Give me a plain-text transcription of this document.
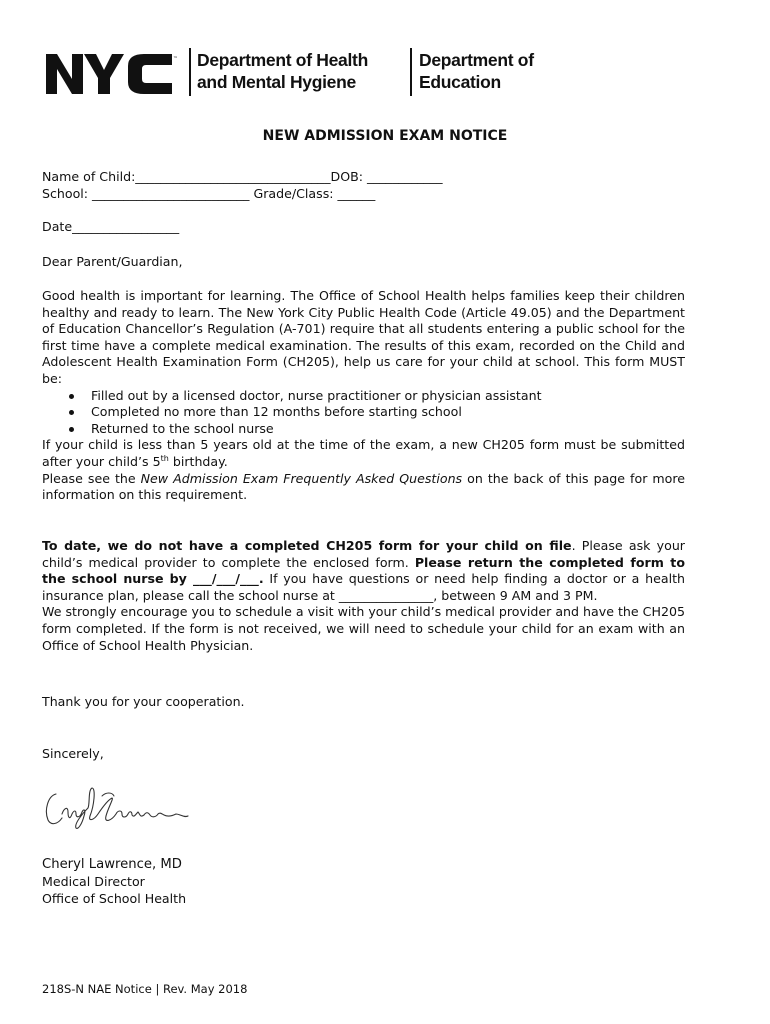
™ Department of Health
and Mental Hygiene
Department of
Education
NEW ADMISSION EXAM NOTICE
Name of Child:_______________________________DOB: ____________
School: _________________________ Grade/Class: ______
Date_________________
Dear Parent/Guardian,
Good health is important for learning. The Office of School Health helps families keep their children healthy and ready to learn. The New York City Public Health Code (Article 49.05) and the Department of Education Chancellor’s Regulation (A-701) require that all students entering a public school for the first time have a complete medical examination. The results of this exam, recorded on the Child and Adolescent Health Examination Form (CH205), help us care for your child at school. This form MUST be:
Filled out by a licensed doctor, nurse practitioner or physician assistant
Completed no more than 12 months before starting school
Returned to the school nurse
If your child is less than 5 years old at the time of the exam, a new CH205 form must be submitted after your child’s 5th birthday.
Please see the New Admission Exam Frequently Asked Questions on the back of this page for more information on this requirement.
To date, we do not have a completed CH205 form for your child on file. Please ask your child’s medical provider to complete the enclosed form. Please return the completed form to the school nurse by ___/___/___. If you have questions or need help finding a doctor or a health insurance plan, please call the school nurse at _______________, between 9 AM and 3 PM.
We strongly encourage you to schedule a visit with your child’s medical provider and have the CH205 form completed. If the form is not received, we will need to schedule your child for an exam with an Office of School Health Physician.
Thank you for your cooperation.
Sincerely,
Cheryl Lawrence, MD
Medical Director
Office of School Health
218S-N NAE Notice | Rev. May 2018
